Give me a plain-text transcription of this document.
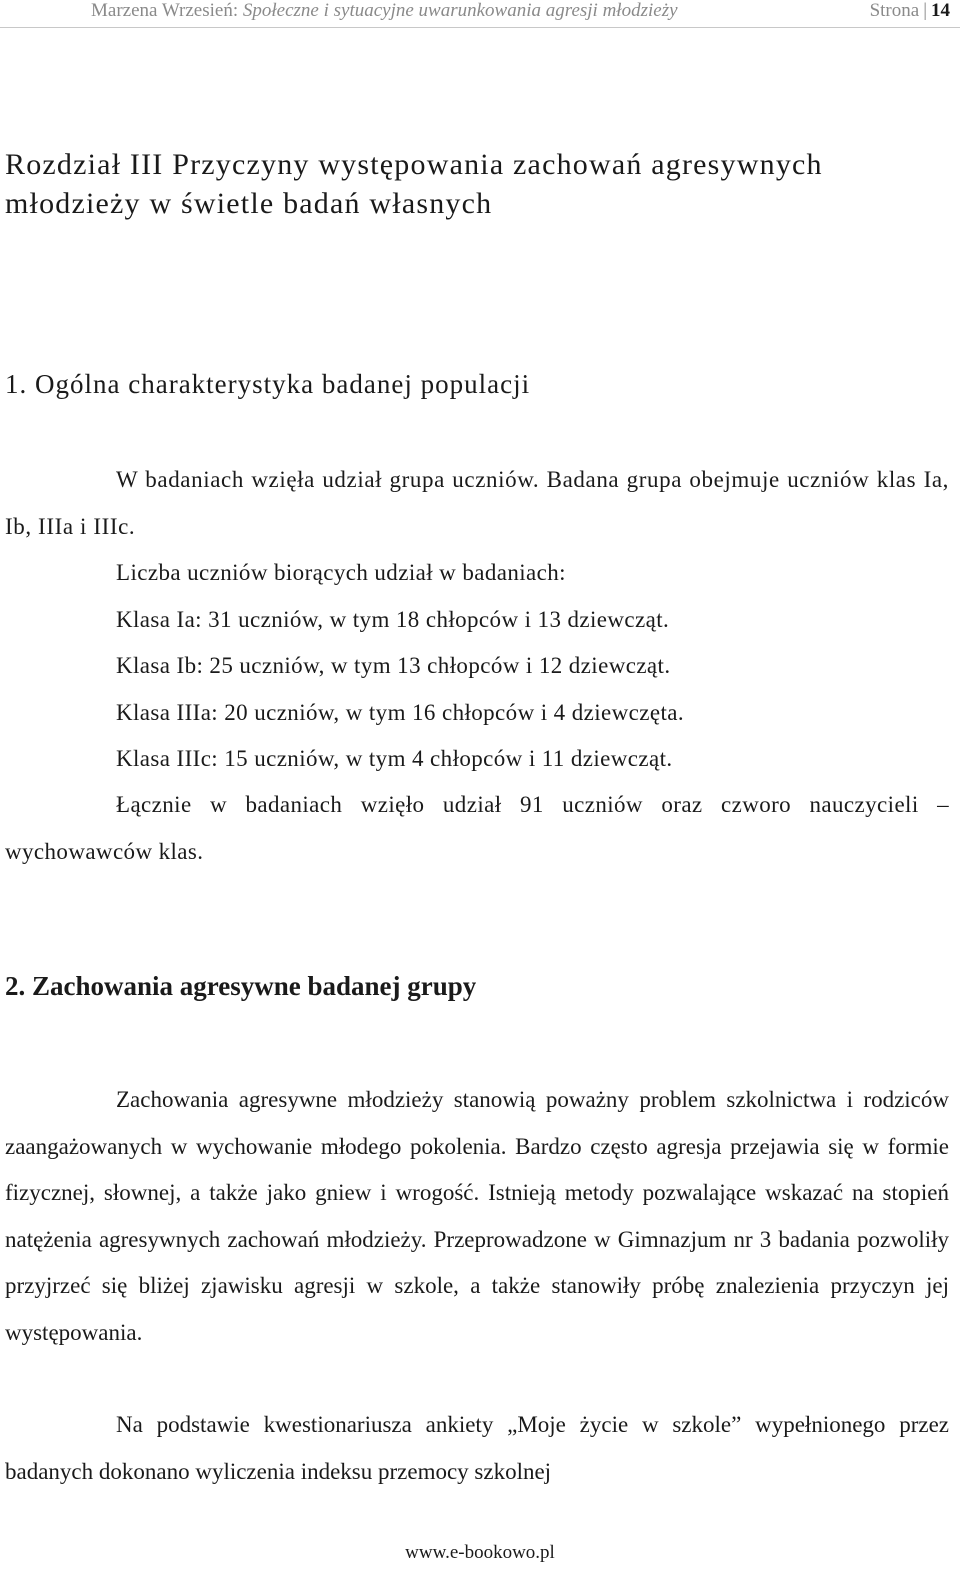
Marzena Wrzesień: Społeczne i sytuacyjne uwarunkowania agresji młodzieży	Strona | 14
Rozdział III Przyczyny występowania zachowań agresywnych młodzieży w świetle badań własnych
1. Ogólna charakterystyka badanej populacji

W badaniach wzięła udział grupa uczniów. Badana grupa obejmuje uczniów klas Ia, Ib, IIIa i IIIc.

Liczba uczniów biorących udział w badaniach:

Klasa Ia: 31 uczniów, w tym 18 chłopców i 13 dziewcząt.

Klasa Ib: 25 uczniów, w tym 13 chłopców i 12 dziewcząt.

Klasa IIIa: 20 uczniów, w tym 16 chłopców i 4 dziewczęta.

Klasa IIIc: 15 uczniów, w tym 4 chłopców i 11 dziewcząt.

Łącznie w badaniach wzięło udział 91 uczniów oraz czworo nauczycieli – wychowawców klas.

2. Zachowania agresywne badanej grupy

Zachowania agresywne młodzieży stanowią poważny problem szkolnictwa i rodziców zaangażowanych w wychowanie młodego pokolenia. Bardzo często agresja przejawia się w formie fizycznej, słownej, a także jako gniew i wrogość. Istnieją metody pozwalające wskazać na stopień natężenia agresywnych zachowań młodzieży. Przeprowadzone w Gimnazjum nr 3 badania pozwoliły przyjrzeć się bliżej zjawisku agresji w szkole, a także stanowiły próbę znalezienia przyczyn jej występowania.

Na podstawie kwestionariusza ankiety „Moje życie w szkole” wypełnionego przez badanych dokonano wyliczenia indeksu przemocy szkolnej

www.e-bookowo.pl
